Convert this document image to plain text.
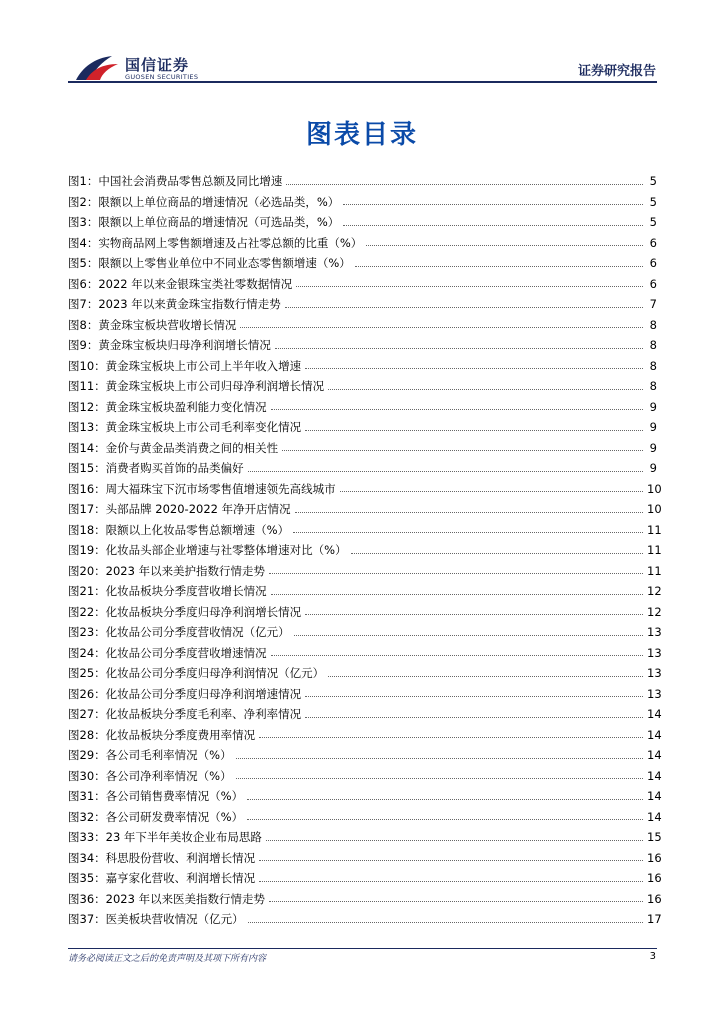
国信证券
GUOSEN SECURITIES	证券研究报告
图表目录
图1： 中国社会消费品零售总额及同比增速	5
图2： 限额以上单位商品的增速情况（必选品类，%）	5
图3： 限额以上单位商品的增速情况（可选品类，%）	5
图4： 实物商品网上零售额增速及占社零总额的比重（%）	6
图5： 限额以上零售业单位中不同业态零售额增速（%）	6
图6： 2022 年以来金银珠宝类社零数据情况	6
图7： 2023 年以来黄金珠宝指数行情走势	7
图8： 黄金珠宝板块营收增长情况	8
图9： 黄金珠宝板块归母净利润增长情况	8
图10： 黄金珠宝板块上市公司上半年收入增速	8
图11： 黄金珠宝板块上市公司归母净利润增长情况	8
图12： 黄金珠宝板块盈利能力变化情况	9
图13： 黄金珠宝板块上市公司毛利率变化情况	9
图14： 金价与黄金品类消费之间的相关性	9
图15： 消费者购买首饰的品类偏好	9
图16： 周大福珠宝下沉市场零售值增速领先高线城市	10
图17： 头部品牌 2020-2022 年净开店情况	10
图18： 限额以上化妆品零售总额增速（%）	11
图19： 化妆品头部企业增速与社零整体增速对比（%）	11
图20： 2023 年以来美护指数行情走势	11
图21： 化妆品板块分季度营收增长情况	12
图22： 化妆品板块分季度归母净利润增长情况	12
图23： 化妆品公司分季度营收情况（亿元）	13
图24： 化妆品公司分季度营收增速情况	13
图25： 化妆品公司分季度归母净利润情况（亿元）	13
图26： 化妆品公司分季度归母净利润增速情况	13
图27： 化妆品板块分季度毛利率、净利率情况	14
图28： 化妆品板块分季度费用率情况	14
图29： 各公司毛利率情况（%）	14
图30： 各公司净利率情况（%）	14
图31： 各公司销售费率情况（%）	14
图32： 各公司研发费率情况（%）	14
图33： 23 年下半年美妆企业布局思路	15
图34： 科思股份营收、利润增长情况	16
图35： 嘉亨家化营收、利润增长情况	16
图36： 2023 年以来医美指数行情走势	16
图37： 医美板块营收情况（亿元）	17
请务必阅读正文之后的免责声明及其项下所有内容	3
